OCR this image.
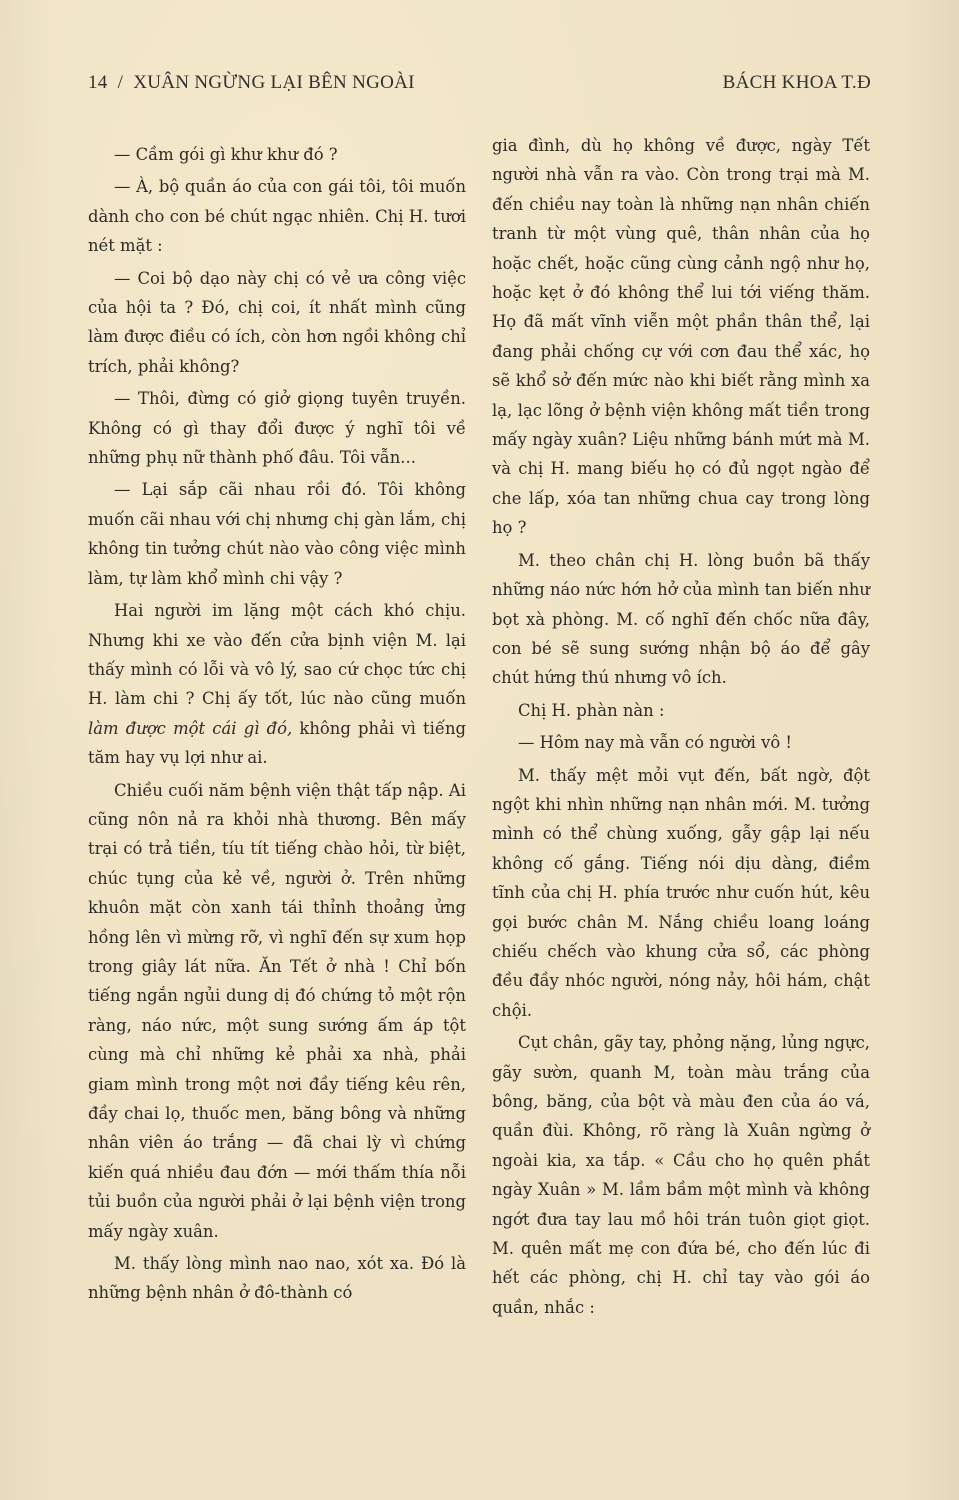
14 / XUÂN NGỪNG LẠI BÊN NGOÀI	BÁCH KHOA T.Đ

— Cầm gói gì khư khư đó ?

— À, bộ quần áo của con gái tôi, tôi muốn dành cho con bé chút ngạc nhiên. Chị H. tươi nét mặt :

— Coi bộ dạo này chị có vẻ ưa công việc của hội ta ? Đó, chị coi, ít nhất mình cũng làm được điều có ích, còn hơn ngồi không chỉ trích, phải không?

— Thôi, đừng có giở giọng tuyên truyền. Không có gì thay đổi được ý nghĩ tôi về những phụ nữ thành phố đâu. Tôi vẫn...

— Lại sắp cãi nhau rồi đó. Tôi không muốn cãi nhau với chị nhưng chị gàn lắm, chị không tin tưởng chút nào vào công việc mình làm, tự làm khổ mình chi vậy ?

Hai người im lặng một cách khó chịu. Nhưng khi xe vào đến cửa bịnh viện M. lại thấy mình có lỗi và vô lý, sao cứ chọc tức chị H. làm chi ? Chị ấy tốt, lúc nào cũng muốn làm được một cái gì đó, không phải vì tiếng tăm hay vụ lợi như ai.

Chiều cuối năm bệnh viện thật tấp nập. Ai cũng nôn nả ra khỏi nhà thương. Bên mấy trại có trả tiền, tíu tít tiếng chào hỏi, từ biệt, chúc tụng của kẻ về, người ở. Trên những khuôn mặt còn xanh tái thỉnh thoảng ửng hồng lên vì mừng rỡ, vì nghĩ đến sự xum họp trong giây lát nữa. Ăn Tết ở nhà ! Chỉ bốn tiếng ngắn ngủi dung dị đó chứng tỏ một rộn ràng, náo nức, một sung sướng ấm áp tột cùng mà chỉ những kẻ phải xa nhà, phải giam mình trong một nơi đầy tiếng kêu rên, đầy chai lọ, thuốc men, băng bông và những nhân viên áo trắng — đã chai lỳ vì chứng kiến quá nhiều đau đớn — mới thấm thía nỗi tủi buồn của người phải ở lại bệnh viện trong mấy ngày xuân.

M. thấy lòng mình nao nao, xót xa. Đó là những bệnh nhân ở đô-thành có

gia đình, dù họ không về được, ngày Tết người nhà vẫn ra vào. Còn trong trại mà M. đến chiều nay toàn là những nạn nhân chiến tranh từ một vùng quê, thân nhân của họ hoặc chết, hoặc cũng cùng cảnh ngộ như họ, hoặc kẹt ở đó không thể lui tới viếng thăm. Họ đã mất vĩnh viễn một phần thân thể, lại đang phải chống cự với cơn đau thể xác, họ sẽ khổ sở đến mức nào khi biết rằng mình xa lạ, lạc lõng ở bệnh viện không mất tiền trong mấy ngày xuân? Liệu những bánh mứt mà M. và chị H. mang biếu họ có đủ ngọt ngào để che lấp, xóa tan những chua cay trong lòng họ ?

M. theo chân chị H. lòng buồn bã thấy những náo nức hớn hở của mình tan biến như bọt xà phòng. M. cố nghĩ đến chốc nữa đây, con bé sẽ sung sướng nhận bộ áo để gây chút hứng thú nhưng vô ích.

Chị H. phàn nàn :

— Hôm nay mà vẫn có người vô !

M. thấy mệt mỏi vụt đến, bất ngờ, đột ngột khi nhìn những nạn nhân mới. M. tưởng mình có thể chùng xuống, gẫy gập lại nếu không cố gắng. Tiếng nói dịu dàng, điềm tĩnh của chị H. phía trước như cuốn hút, kêu gọi bước chân M. Nắng chiều loang loáng chiếu chếch vào khung cửa sổ, các phòng đều đầy nhóc người, nóng nảy, hôi hám, chật chội.

Cụt chân, gãy tay, phỏng nặng, lủng ngực, gãy sườn, quanh M, toàn màu trắng của bông, băng, của bột và màu đen của áo vá, quần đùi. Không, rõ ràng là Xuân ngừng ở ngoài kia, xa tắp. « Cầu cho họ quên phắt ngày Xuân » M. lầm bầm một mình và không ngớt đưa tay lau mồ hôi trán tuôn giọt giọt. M. quên mất mẹ con đứa bé, cho đến lúc đi hết các phòng, chị H. chỉ tay vào gói áo quần, nhắc :
